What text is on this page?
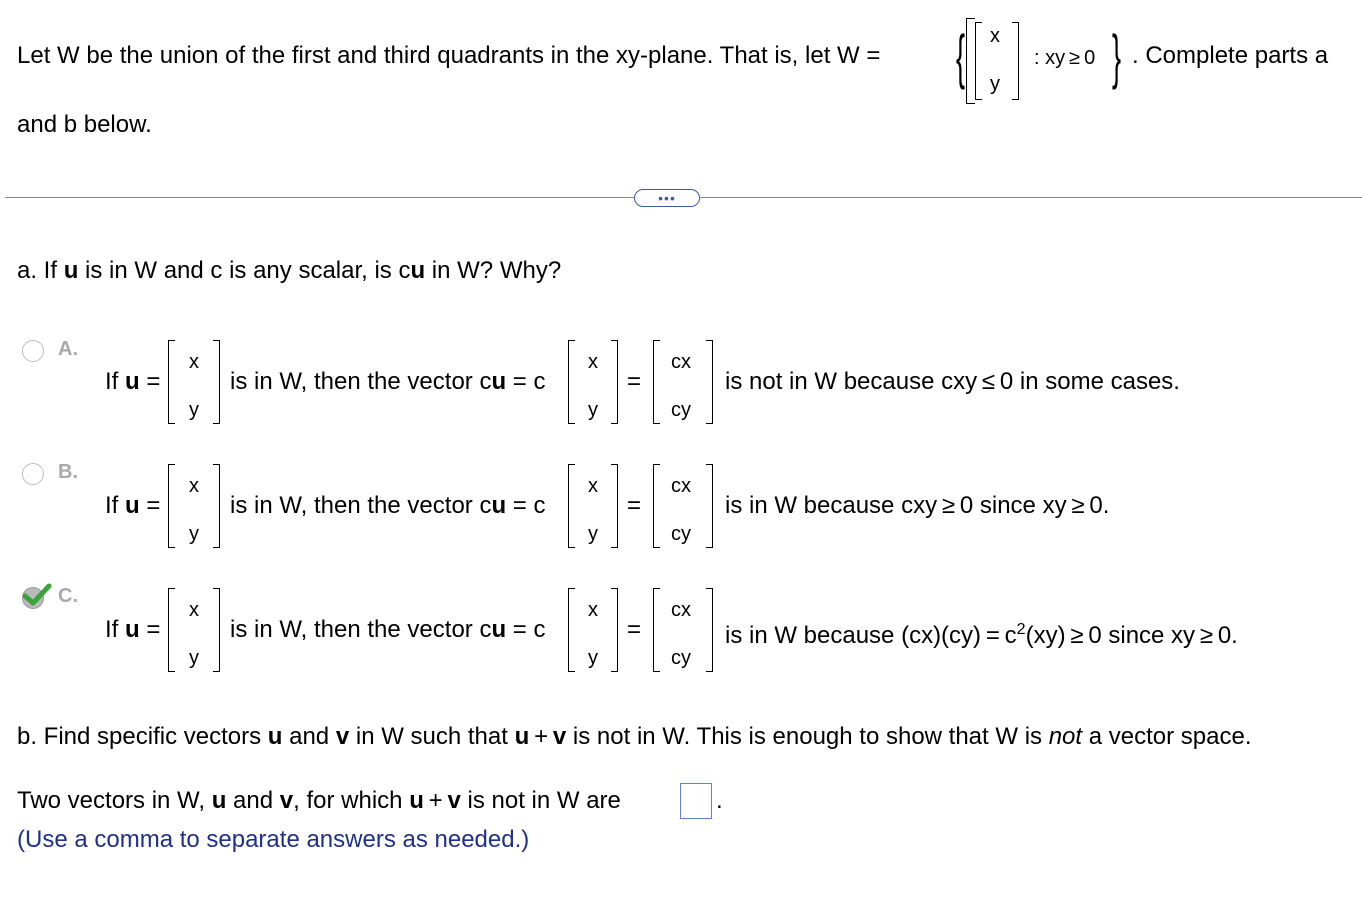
Let W be the union of the first and third quadrants in the xy-plane. That is, let W = { x
y
: xy ≥ 0 } . Complete parts a
and b below.
•••
a. If u is in W and c is any scalar, is cu in W? Why?
A.
If u =
x
y
is in W, then the vector cu = c
x
y
=
cx
cy
is not in W because cxy ≤ 0 in some cases.
B.
If u =
x
y
is in W, then the vector cu = c
x
y
=
cx
cy
is in W because cxy ≥ 0 since xy ≥ 0.
C.
If u =
x
y
is in W, then the vector cu = c
x
y
=
cx
cy
is in W because $(cx)(cy) = c^2(xy) \ge 0$ since xy ≥ 0.
b. Find specific vectors u and v in W such that u + v is not in W. This is enough to show that W is not a vector space.
Two vectors in W, u and v, for which u + v is not in W are	.
(Use a comma to separate answers as needed.)
